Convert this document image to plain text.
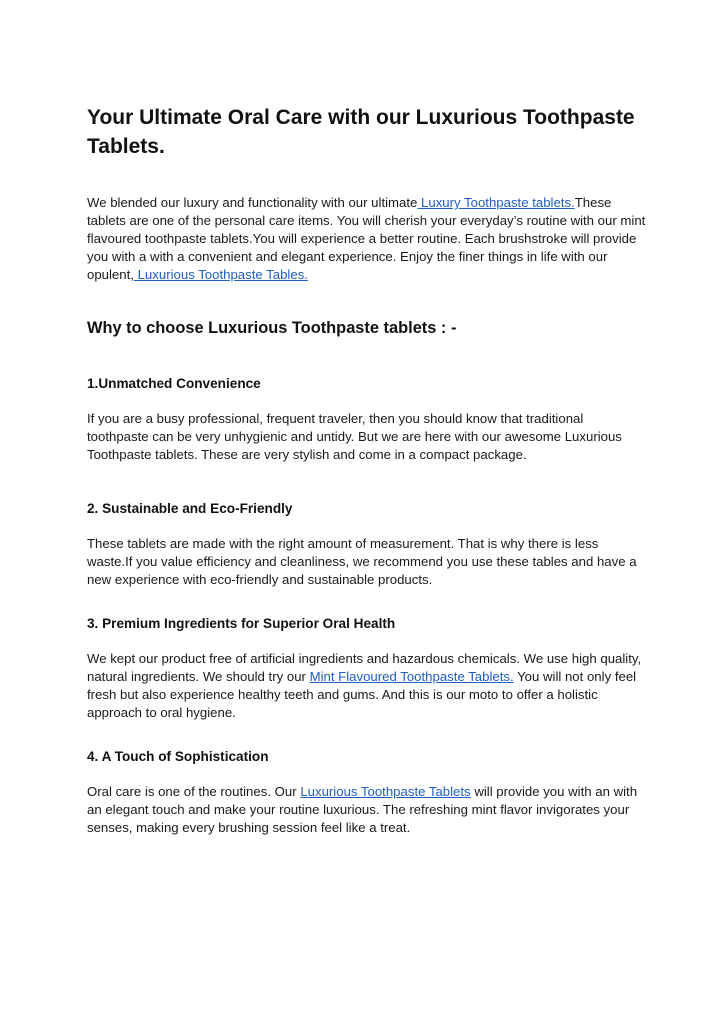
Your Ultimate Oral Care with our Luxurious Toothpaste Tablets.

We blended our luxury and functionality with our ultimate Luxury Toothpaste tablets.These tablets are one of the personal care items. You will cherish your everyday’s routine with our mint flavoured toothpaste tablets.You will experience a better routine. Each brushstroke will provide you with a with a convenient and elegant experience. Enjoy the finer things in life with our opulent, Luxurious Toothpaste Tables.

Why to choose Luxurious Toothpaste tablets : -
1.Unmatched Convenience

If you are a busy professional, frequent traveler, then you should know that traditional toothpaste can be very unhygienic and untidy. But we are here with our awesome Luxurious Toothpaste tablets. These are very stylish and come in a compact package.

2. Sustainable and Eco-Friendly

These tablets are made with the right amount of measurement. That is why there is less waste.If you value efficiency and cleanliness, we recommend you use these tables and have a new experience with eco-friendly and sustainable products.

3. Premium Ingredients for Superior Oral Health

We kept our product free of artificial ingredients and hazardous chemicals. We use high quality, natural ingredients. We should try our Mint Flavoured Toothpaste Tablets. You will not only feel fresh but also experience healthy teeth and gums. And this is our moto to offer a holistic approach to oral hygiene.

4. A Touch of Sophistication

Oral care is one of the routines. Our Luxurious Toothpaste Tablets will provide you with an with an elegant touch and make your routine luxurious. The refreshing mint flavor invigorates your senses, making every brushing session feel like a treat.
